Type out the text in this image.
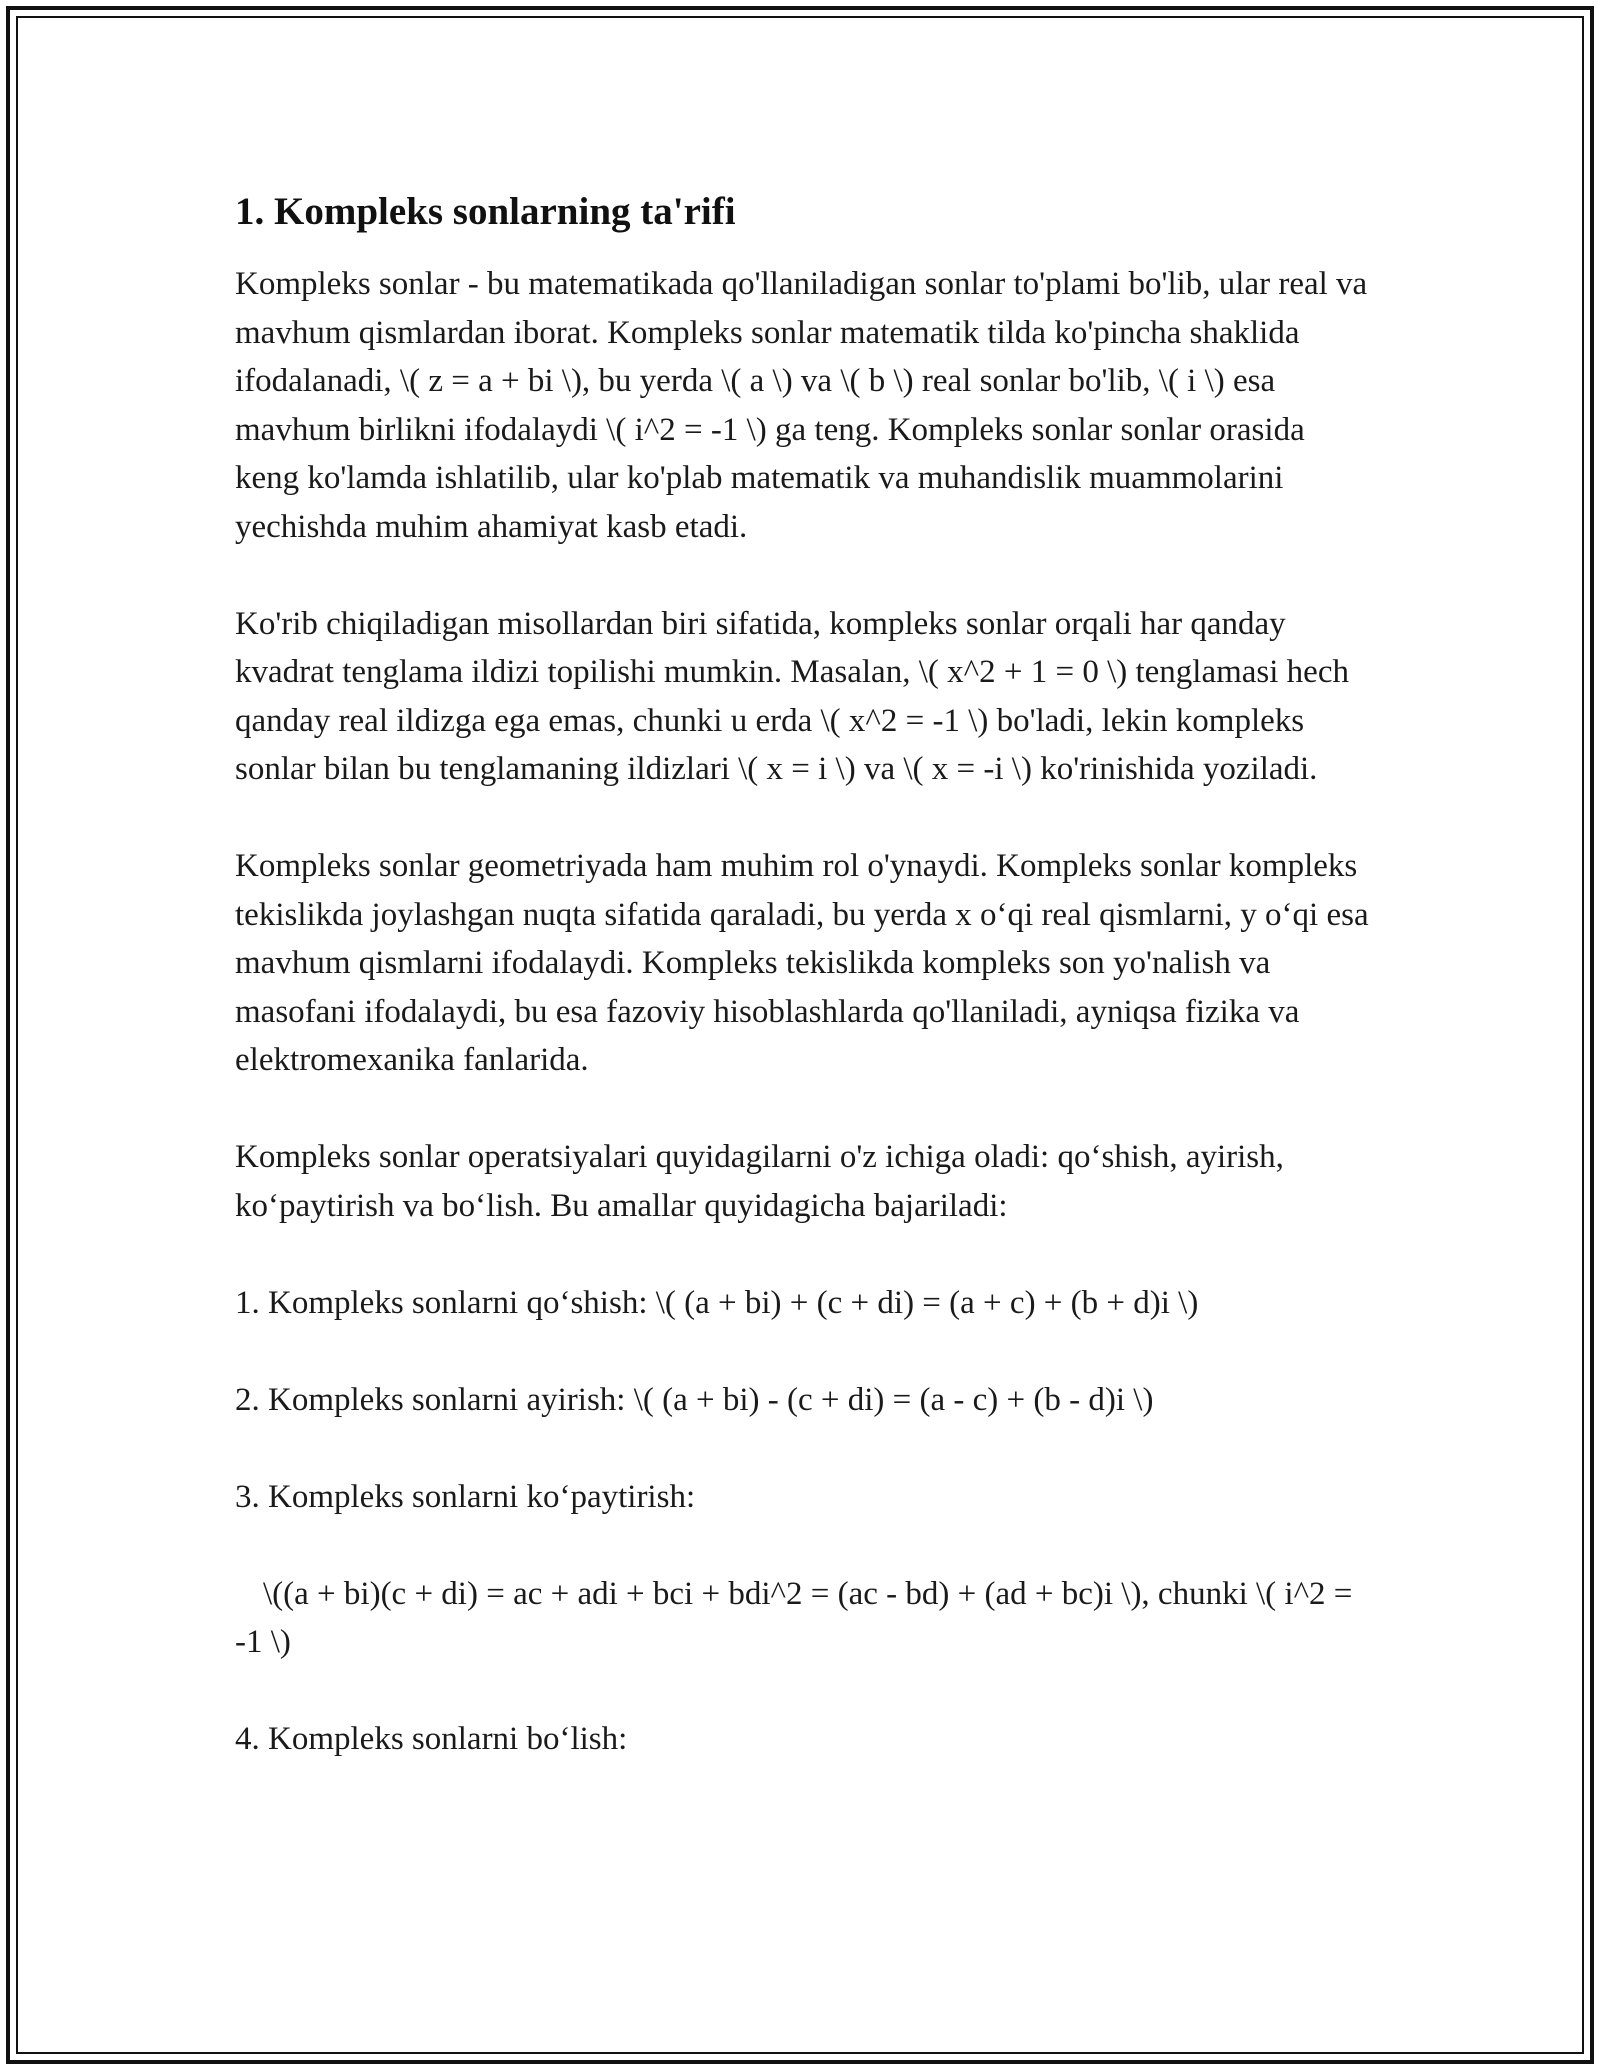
1. Kompleks sonlarning ta'rifi

Kompleks sonlar - bu matematikada qo'llaniladigan sonlar to'plami bo'lib, ular real va mavhum qismlardan iborat. Kompleks sonlar matematik tilda ko'pincha shaklida ifodalanadi, \( z = a + bi \), bu yerda \( a \) va \( b \) real sonlar bo'lib, \( i \) esa mavhum birlikni ifodalaydi \( i^2 = -1 \) ga teng. Kompleks sonlar sonlar orasida keng ko'lamda ishlatilib, ular ko'plab matematik va muhandislik muammolarini yechishda muhim ahamiyat kasb etadi.

Ko'rib chiqiladigan misollardan biri sifatida, kompleks sonlar orqali har qanday kvadrat tenglama ildizi topilishi mumkin. Masalan, \( x^2 + 1 = 0 \) tenglamasi hech qanday real ildizga ega emas, chunki u erda \( x^2 = -1 \) bo'ladi, lekin kompleks sonlar bilan bu tenglamaning ildizlari \( x = i \) va \( x = -i \) ko'rinishida yoziladi.

Kompleks sonlar geometriyada ham muhim rol o'ynaydi. Kompleks sonlar kompleks tekislikda joylashgan nuqta sifatida qaraladi, bu yerda x o‘qi real qismlarni, y o‘qi esa mavhum qismlarni ifodalaydi. Kompleks tekislikda kompleks son yo'nalish va masofani ifodalaydi, bu esa fazoviy hisoblashlarda qo'llaniladi, ayniqsa fizika va elektromexanika fanlarida.

Kompleks sonlar operatsiyalari quyidagilarni o'z ichiga oladi: qo‘shish, ayirish, ko‘paytirish va bo‘lish. Bu amallar quyidagicha bajariladi:

1. Kompleks sonlarni qo‘shish: \( (a + bi) + (c + di) = (a + c) + (b + d)i \)

2. Kompleks sonlarni ayirish: \( (a + bi) - (c + di) = (a - c) + (b - d)i \)

3. Kompleks sonlarni ko‘paytirish:

\((a + bi)(c + di) = ac + adi + bci + bdi^2 = (ac - bd) + (ad + bc)i \), chunki \( i^2 = -1 \)

4. Kompleks sonlarni bo‘lish:
